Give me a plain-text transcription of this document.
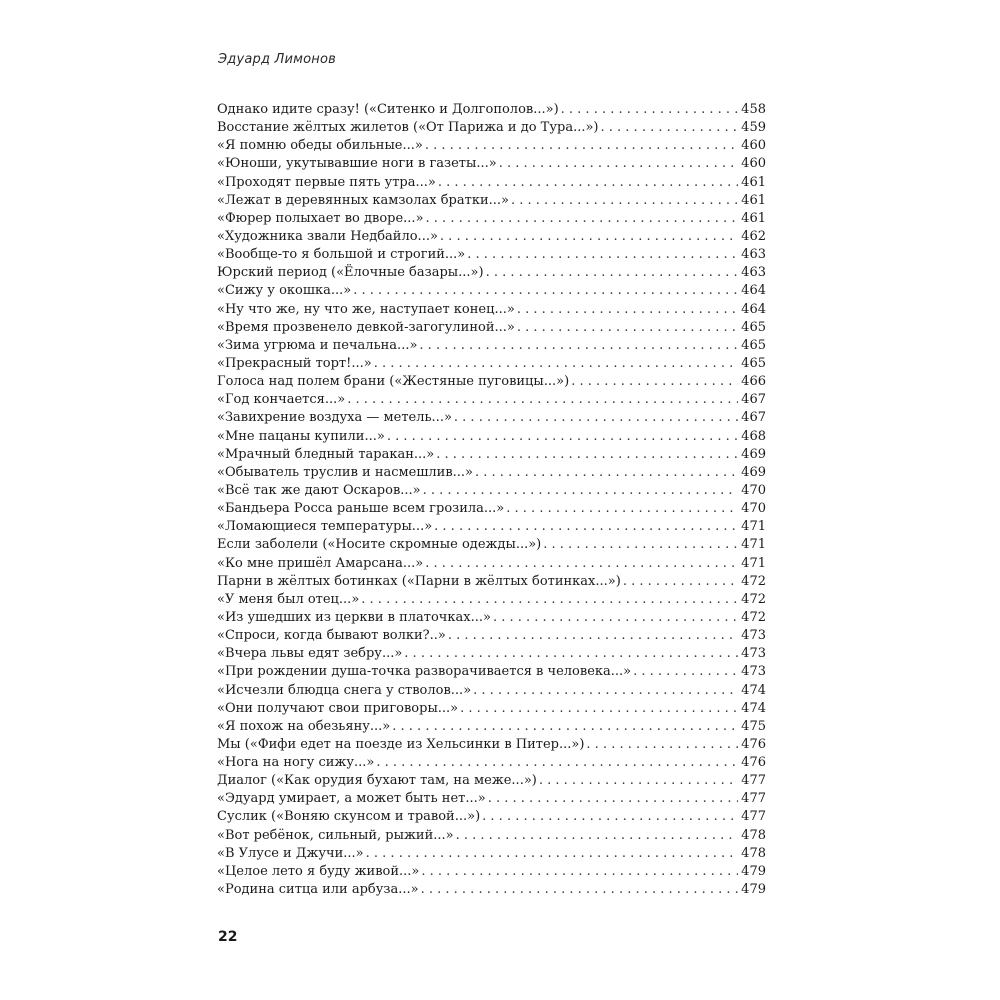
Эдуард Лимонов
Однако идите сразу! («Ситенко и Долгополов...») . . .	458
Восстание жёлтых жилетов («От Парижа и до Тура...») . . .	459
«Я помню обеды обильные...» . . .	460
«Юноши, укутывавшие ноги в газеты...» . . .	460
«Проходят первые пять утра...» . . .	461
«Лежат в деревянных камзолах братки...» . . .	461
«Фюрер полыхает во дворе...» . . .	461
«Художника звали Недбайло...» . . .	462
«Вообще-то я большой и строгий...» . . .	463
Юрский период («Ёлочные базары...») . . .	463
«Сижу у окошка...» . . .	464
«Ну что же, ну что же, наступает конец...» . . .	464
«Время прозвенело девкой-загогулиной...» . . .	465
«Зима угрюма и печальна...» . . .	465
«Прекрасный торт!...» . . .	465
Голоса над полем брани («Жестяные пуговицы...») . . .	466
«Год кончается...» . . .	467
«Завихрение воздуха — метель...» . . .	467
«Мне пацаны купили...» . . .	468
«Мрачный бледный таракан...» . . .	469
«Обыватель труслив и насмешлив...» . . .	469
«Всё так же дают Оскаров...» . . .	470
«Бандьера Росса раньше всем грозила...» . . .	470
«Ломающиеся температуры...» . . .	471
Если заболели («Носите скромные одежды...») . . .	471
«Ко мне пришёл Амарсана...» . . .	471
Парни в жёлтых ботинках («Парни в жёлтых ботинках...») . . .	472
«У меня был отец...» . . .	472
«Из ушедших из церкви в платочках...» . . .	472
«Спроси, когда бывают волки?..» . . .	473
«Вчера львы едят зебру...» . . .	473
«При рождении душа-точка разворачивается в человека...» . . .	473
«Исчезли блюдца снега у стволов...» . . .	474
«Они получают свои приговоры...» . . .	474
«Я похож на обезьяну...» . . .	475
Мы («Фифи едет на поезде из Хельсинки в Питер...») . . .	476
«Нога на ногу сижу...» . . .	476
Диалог («Как орудия бухают там, на меже...») . . .	477
«Эдуард умирает, а может быть нет...» . . .	477
Суслик («Воняю скунсом и травой...») . . .	477
«Вот ребёнок, сильный, рыжий...» . . .	478
«В Улусе и Джучи...» . . .	478
«Целое лето я буду живой...» . . .	479
«Родина ситца или арбуза...» . . .	479
22
